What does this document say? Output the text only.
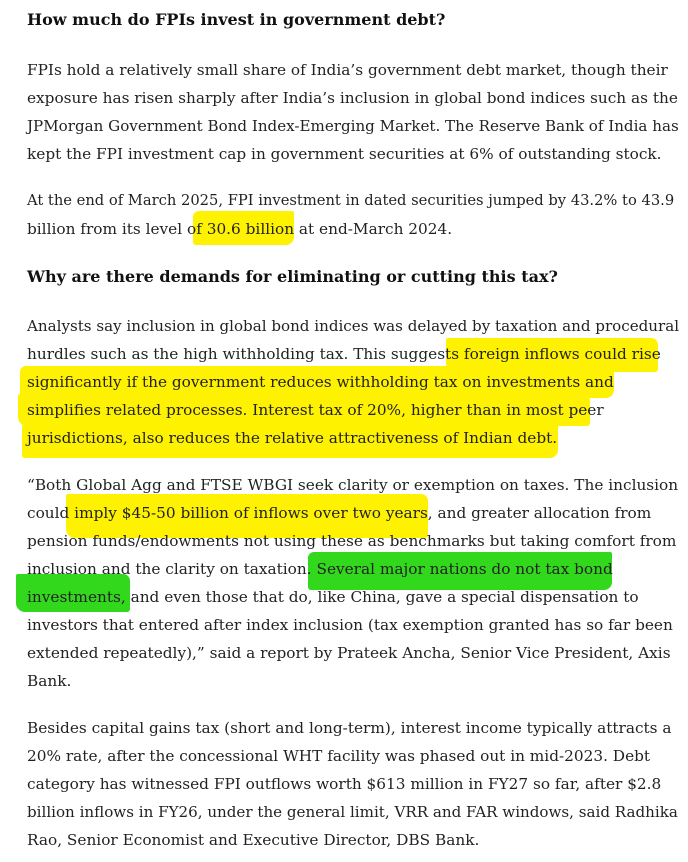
How much do FPIs invest in government debt?
FPIs hold a relatively small share of India’s government debt market, though their
exposure has risen sharply after India’s inclusion in global bond indices such as the
JPMorgan Government Bond Index-Emerging Market. The Reserve Bank of India has
kept the FPI investment cap in government securities at 6% of outstanding stock.
At the end of March 2025, FPI investment in dated securities jumped by 43.2% to 43.9
billion from its level of 30.6 billion at end-March 2024.
Why are there demands for eliminating or cutting this tax?
Analysts say inclusion in global bond indices was delayed by taxation and procedural
hurdles such as the high withholding tax. This suggests foreign inflows could rise
significantly if the government reduces withholding tax on investments and
simplifies related processes. Interest tax of 20%, higher than in most peer
jurisdictions, also reduces the relative attractiveness of Indian debt.
“Both Global Agg and FTSE WBGI seek clarity or exemption on taxes. The inclusion
could imply $45-50 billion of inflows over two years, and greater allocation from
pension funds/endowments not using these as benchmarks but taking comfort from
inclusion and the clarity on taxation. Several major nations do not tax bond
investments, and even those that do, like China, gave a special dispensation to
investors that entered after index inclusion (tax exemption granted has so far been
extended repeatedly),” said a report by Prateek Ancha, Senior Vice President, Axis
Bank.
Besides capital gains tax (short and long-term), interest income typically attracts a
20% rate, after the concessional WHT facility was phased out in mid-2023. Debt
category has witnessed FPI outflows worth $613 million in FY27 so far, after $2.8
billion inflows in FY26, under the general limit, VRR and FAR windows, said Radhika
Rao, Senior Economist and Executive Director, DBS Bank.
